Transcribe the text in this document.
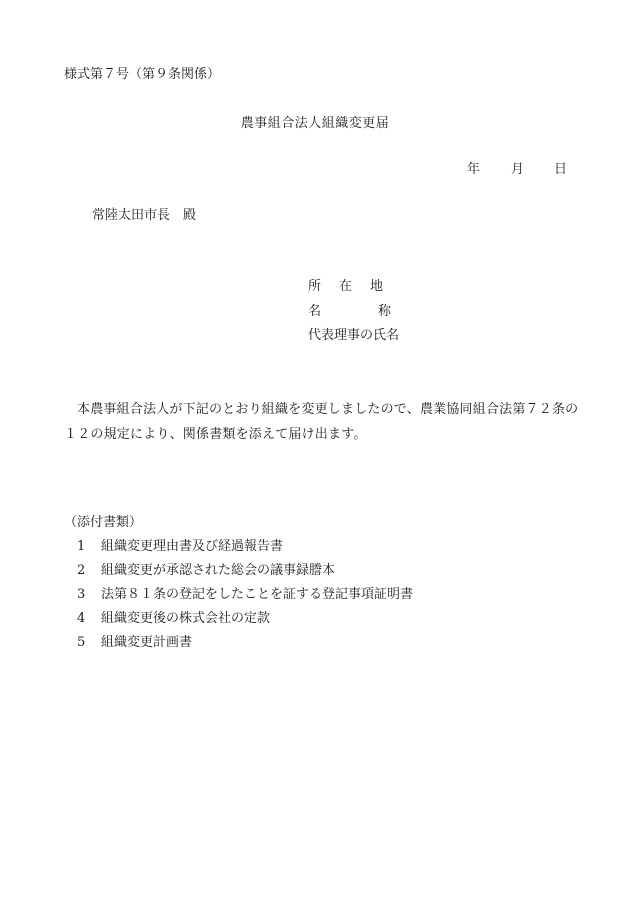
様式第７号（第９条関係）
農事組合法人組織変更届
年 月 日
常陸太田市長 殿
所在地
名称
代表理事の氏名
本農事組合法人が下記のとおり組織を変更しましたので、農業協同組合法第７２条の１２の規定により、関係書類を添えて届け出ます。
（添付書類）
1 組織変更理由書及び経過報告書
2 組織変更が承認された総会の議事録謄本
3 法第８１条の登記をしたことを証する登記事項証明書
4 組織変更後の株式会社の定款
5 組織変更計画書
